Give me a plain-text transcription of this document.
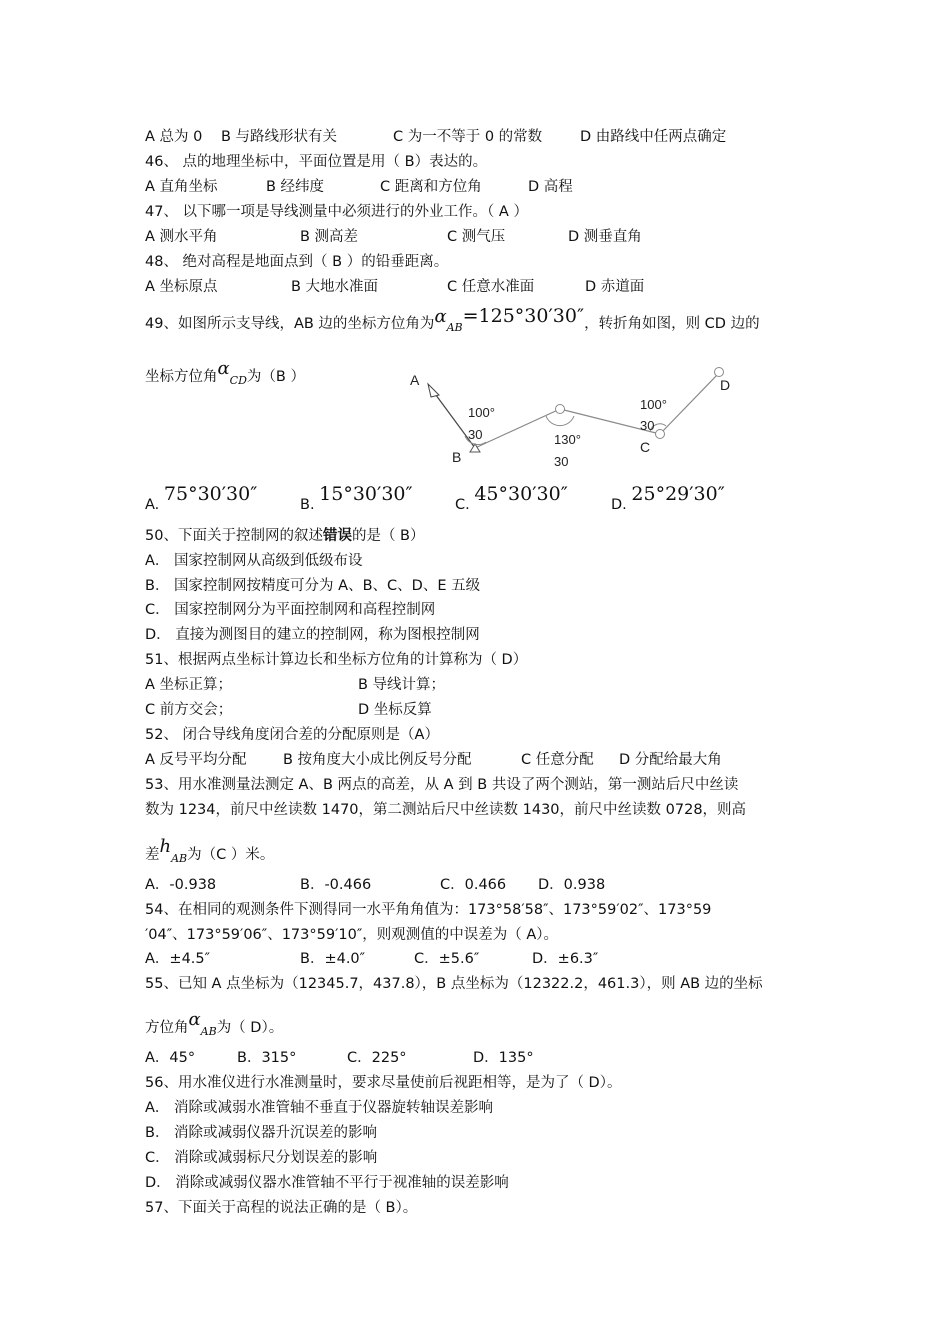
A 总为 0 B 与路线形状有关	C 为一不等于 0 的常数	D 由路线中任两点确定
46、 点的地理坐标中，平面位置是用（ B）表达的。
A 直角坐标	B 经纬度	C 距离和方位角	D 高程
47、 以下哪一项是导线测量中必须进行的外业工作。（ A ）
A 测水平角	B 测高差	C 测气压	D 测垂直角
48、 绝对高程是地面点到（ B ）的铅垂距离。
A 坐标原点	B 大地水准面	C 任意水准面	D 赤道面
49、如图所示支导线，AB 边的坐标方位角为$\alpha_{AB}=125^\circ 30'30''$，转折角如图，则 CD 边的
坐标方位角$\alpha_{CD}$为（B ）	A
B
C
D
100°
30	130°
30
100°
30
A. 75°30′30″	B. 15°30′30″	C. 45°30′30″	D. 25°29′30″
50、下面关于控制网的叙述错误的是（ B）
A． 国家控制网从高级到低级布设
B． 国家控制网按精度可分为 A、B、C、D、E 五级
C． 国家控制网分为平面控制网和高程控制网
D． 直接为测图目的建立的控制网，称为图根控制网
51、根据两点坐标计算边长和坐标方位角的计算称为（ D）
A 坐标正算；	B 导线计算；
C 前方交会；	D 坐标反算
52、 闭合导线角度闭合差的分配原则是（A）
A 反号平均分配	B 按角度大小成比例反号分配	C 任意分配 D 分配给最大角
53、用水准测量法测定 A、B 两点的高差，从 A 到 B 共设了两个测站，第一测站后尺中丝读
数为 1234，前尺中丝读数 1470，第二测站后尺中丝读数 1430，前尺中丝读数 0728，则高
差$h_{AB}$为（C ）米。
A．-0.938	B．-0.466	C．0.466 D．0.938
54、在相同的观测条件下测得同一水平角角值为：173°58′58″、173°59′02″、173°59
′04″、173°59′06″、173°59′10″，则观测值的中误差为（ A）。
A．±4.5″	B．±4.0″	C．±5.6″	D．±6.3″
55、已知 A 点坐标为（12345.7，437.8），B 点坐标为（12322.2，461.3），则 AB 边的坐标
方位角$\alpha_{AB}$为（ D）。
A．45°	B．315°	C．225°	D．135°
56、用水准仪进行水准测量时，要求尽量使前后视距相等，是为了（ D）。
A． 消除或减弱水准管轴不垂直于仪器旋转轴误差影响
B． 消除或减弱仪器升沉误差的影响
C． 消除或减弱标尺分划误差的影响
D． 消除或减弱仪器水准管轴不平行于视准轴的误差影响
57、下面关于高程的说法正确的是（ B）。
